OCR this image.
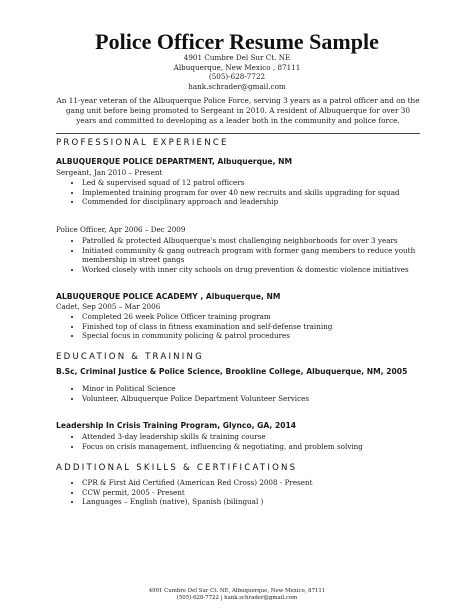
Police Officer Resume Sample
4901 Cumbre Del Sur Ct. NE
Albuquerque, New Mexico , 87111
(505)-628-7722
hank.schrader@gmail.com
An 11-year veteran of the Albuquerque Police Force, serving 3 years as a patrol officer and on the gang unit before being promoted to Sergeant in 2010. A resident of Albuquerque for over 30 years and committed to developing as a leader both in the community and police force.
PROFESSIONAL EXPERIENCE
ALBUQUERQUE POLICE DEPARTMENT, Albuquerque, NM
Sergeant, Jan 2010 – Present
• Led & supervised squad of 12 patrol officers
• Implemented training program for over 40 new recruits and skills upgrading for squad
• Commended for disciplinary approach and leadership
Police Officer, Apr 2006 – Dec 2009
• Patrolled & protected Albuquerque's most challenging neighborhoods for over 3 years
• Initiated community & gang outreach program with former gang members to reduce youth membership in street gangs
• Worked closely with inner city schools on drug prevention & domestic violence initiatives
ALBUQUERQUE POLICE ACADEMY , Albuquerque, NM
Cadet, Sep 2005 – Mar 2006
• Completed 26 week Police Officer training program
• Finished top of class in fitness examination and self-defense training
• Special focus in community policing & patrol procedures
EDUCATION & TRAINING
B.Sc, Criminal Justice & Police Science, Brookline College, Albuquerque, NM, 2005
• Minor in Political Science
• Volunteer, Albuquerque Police Department Volunteer Services
Leadership In Crisis Training Program, Glynco, GA, 2014
• Attended 3-day leadership skills & training course
• Focus on crisis management, influencing & negotiating, and problem solving
ADDITIONAL SKILLS & CERTIFICATIONS
• CPR & First Aid Certified (American Red Cross) 2008 - Present
• CCW permit, 2005 - Present
• Languages – English (native), Spanish (bilingual )
4901 Cumbre Del Sur Ct. NE, Albuquerque, New Mexico, 87111
(505)-628-7722 | hank.schrader@gmail.com
